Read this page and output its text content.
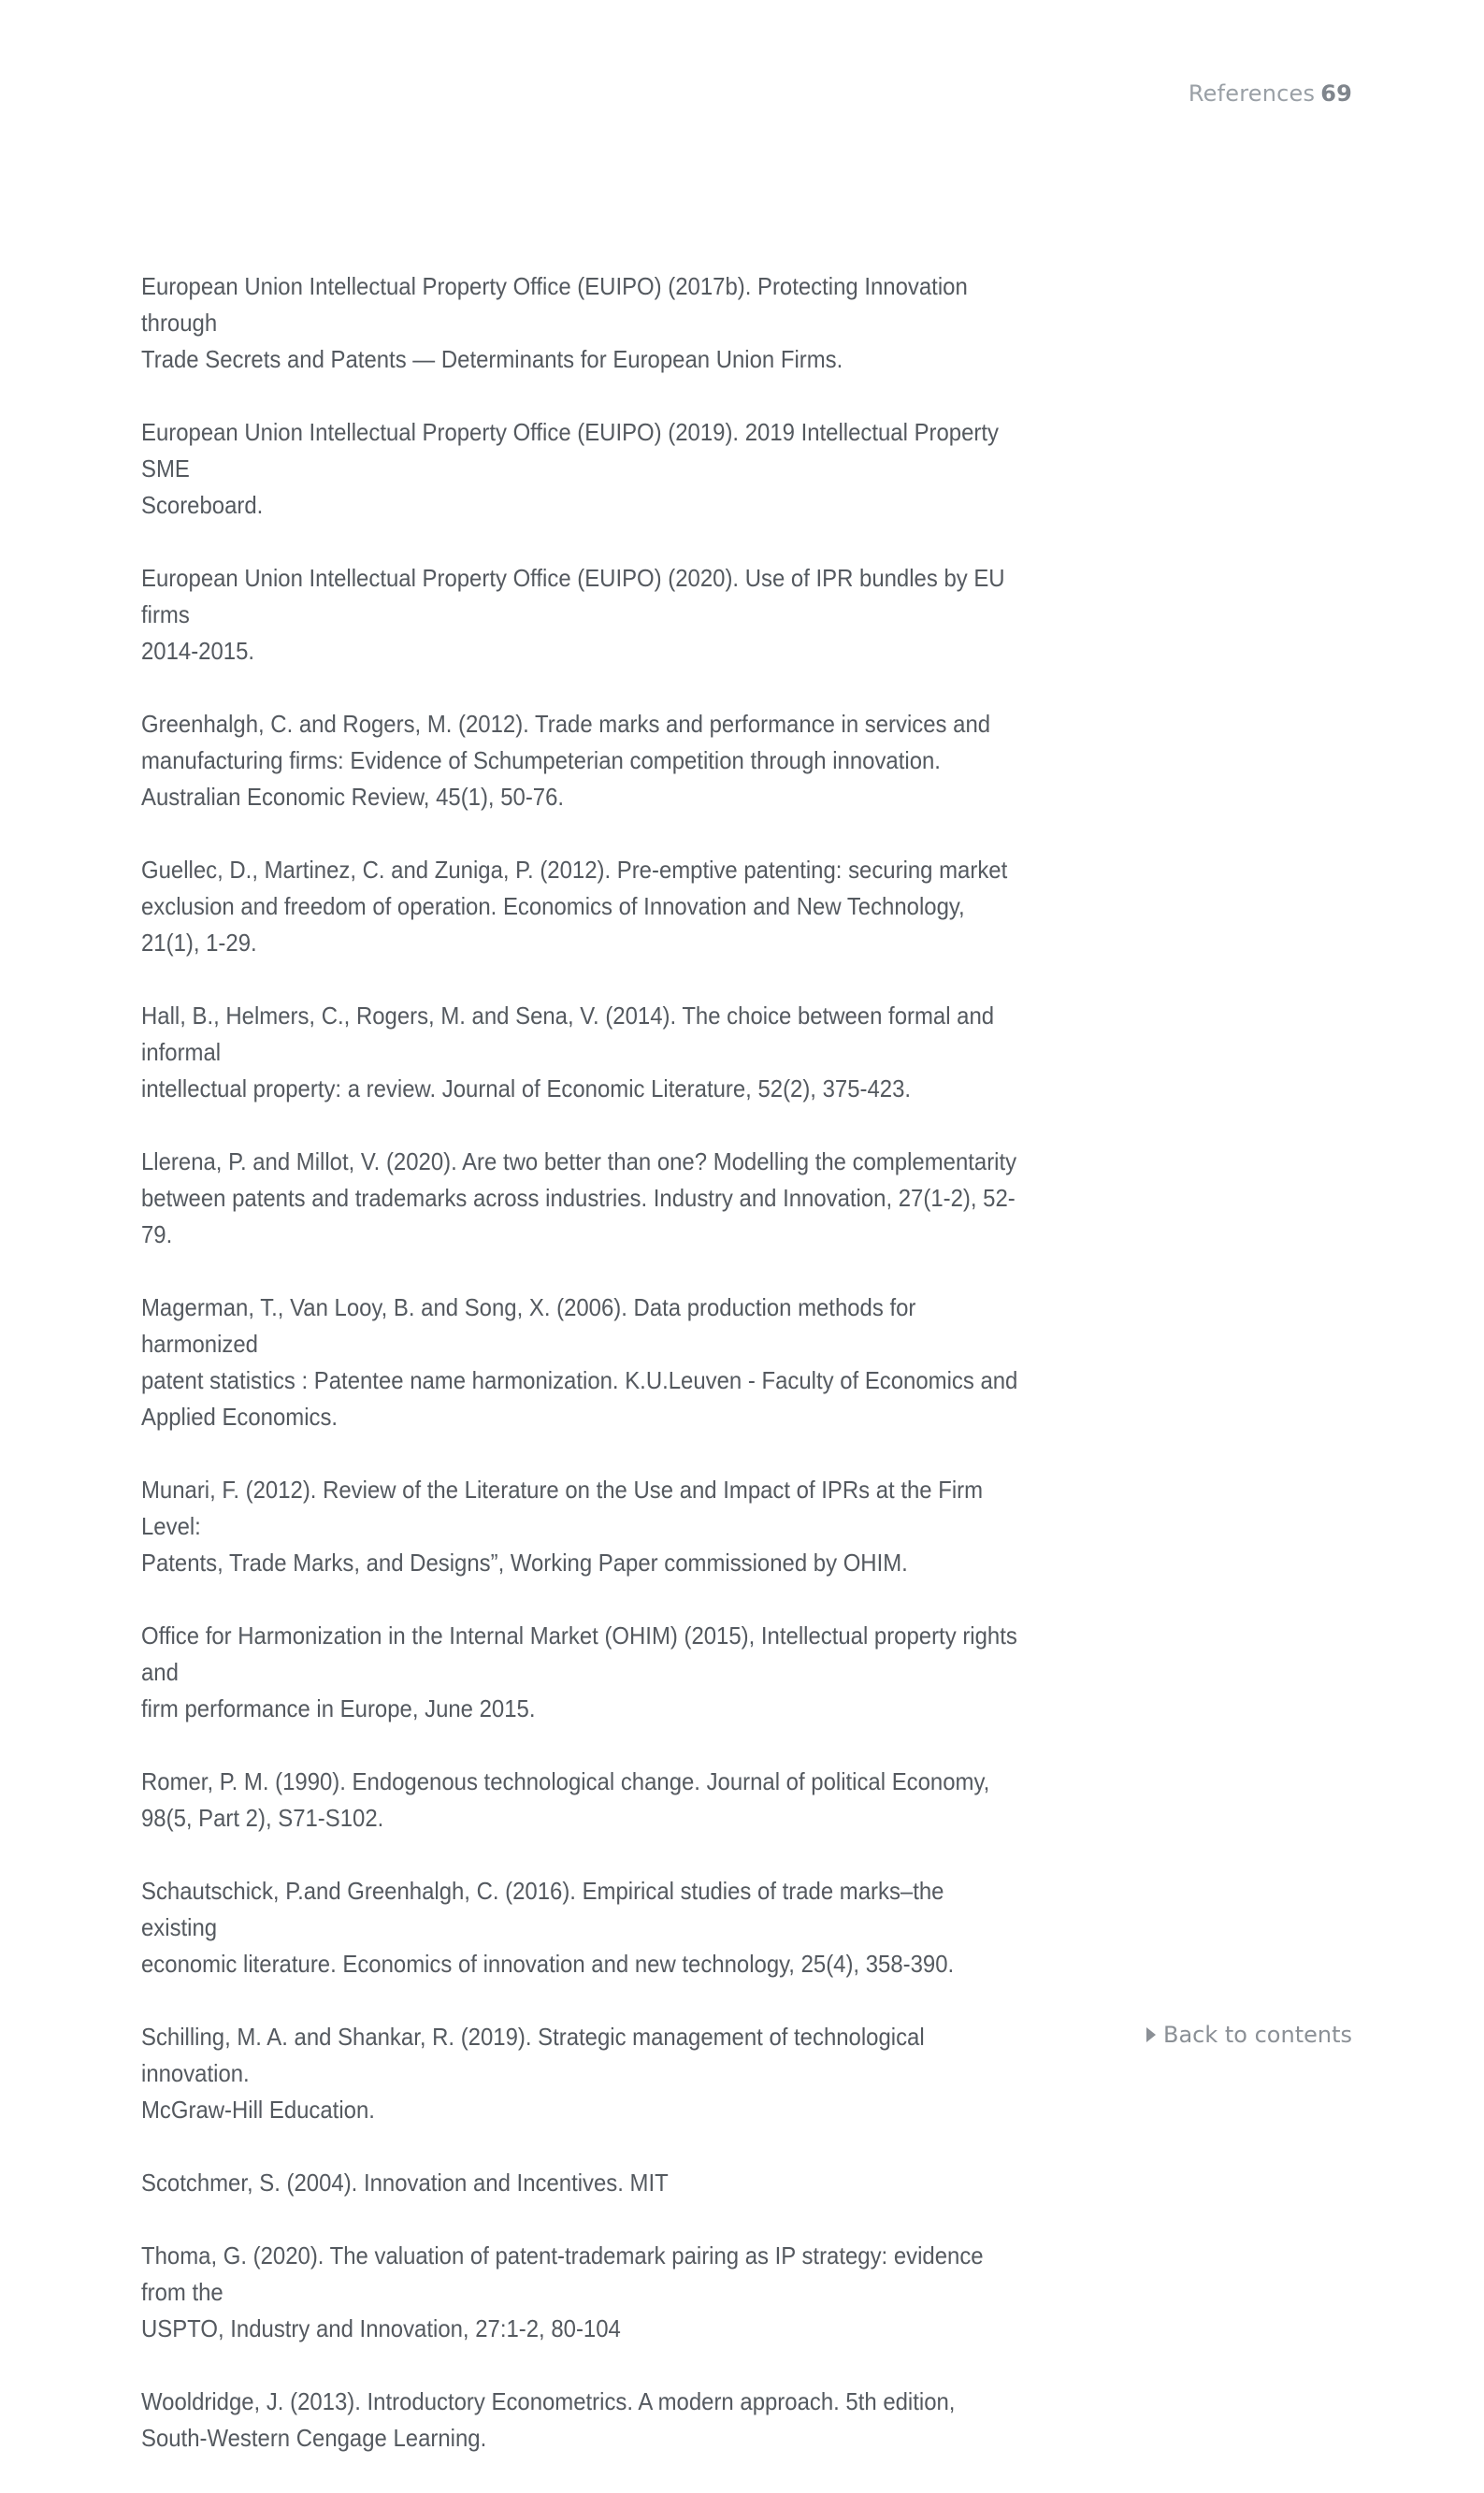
References 69
European Union Intellectual Property Office (EUIPO) (2017b). Protecting Innovation through
Trade Secrets and Patents — Determinants for European Union Firms.
European Union Intellectual Property Office (EUIPO) (2019). 2019 Intellectual Property SME
Scoreboard.
European Union Intellectual Property Office (EUIPO) (2020). Use of IPR bundles by EU firms
2014-2015.
Greenhalgh, C. and Rogers, M. (2012). Trade marks and performance in services and
manufacturing firms: Evidence of Schumpeterian competition through innovation.
Australian Economic Review, 45(1), 50-76.
Guellec, D., Martinez, C. and Zuniga, P. (2012). Pre-emptive patenting: securing market
exclusion and freedom of operation. Economics of Innovation and New Technology, 21(1), 1-29.
Hall, B., Helmers, C., Rogers, M. and Sena, V. (2014). The choice between formal and informal
intellectual property: a review. Journal of Economic Literature, 52(2), 375-423.
Llerena, P. and Millot, V. (2020). Are two better than one? Modelling the complementarity
between patents and trademarks across industries. Industry and Innovation, 27(1-2), 52-79.
Magerman, T., Van Looy, B. and Song, X. (2006). Data production methods for harmonized
patent statistics : Patentee name harmonization. K.U.Leuven - Faculty of Economics and
Applied Economics.
Munari, F. (2012). Review of the Literature on the Use and Impact of IPRs at the Firm Level:
Patents, Trade Marks, and Designs”, Working Paper commissioned by OHIM.
Office for Harmonization in the Internal Market (OHIM) (2015), Intellectual property rights and
firm performance in Europe, June 2015.
Romer, P. M. (1990). Endogenous technological change. Journal of political Economy,
98(5, Part 2), S71-S102.
Schautschick, P.and Greenhalgh, C. (2016). Empirical studies of trade marks–the existing
economic literature. Economics of innovation and new technology, 25(4), 358-390.
Schilling, M. A. and Shankar, R. (2019). Strategic management of technological innovation.
McGraw-Hill Education.
Scotchmer, S. (2004). Innovation and Incentives. MIT
Thoma, G. (2020). The valuation of patent-trademark pairing as IP strategy: evidence from the
USPTO, Industry and Innovation, 27:1-2, 80-104
Wooldridge, J. (2013). Introductory Econometrics. A modern approach. 5th edition,
South-Western Cengage Learning.
Back to contents
